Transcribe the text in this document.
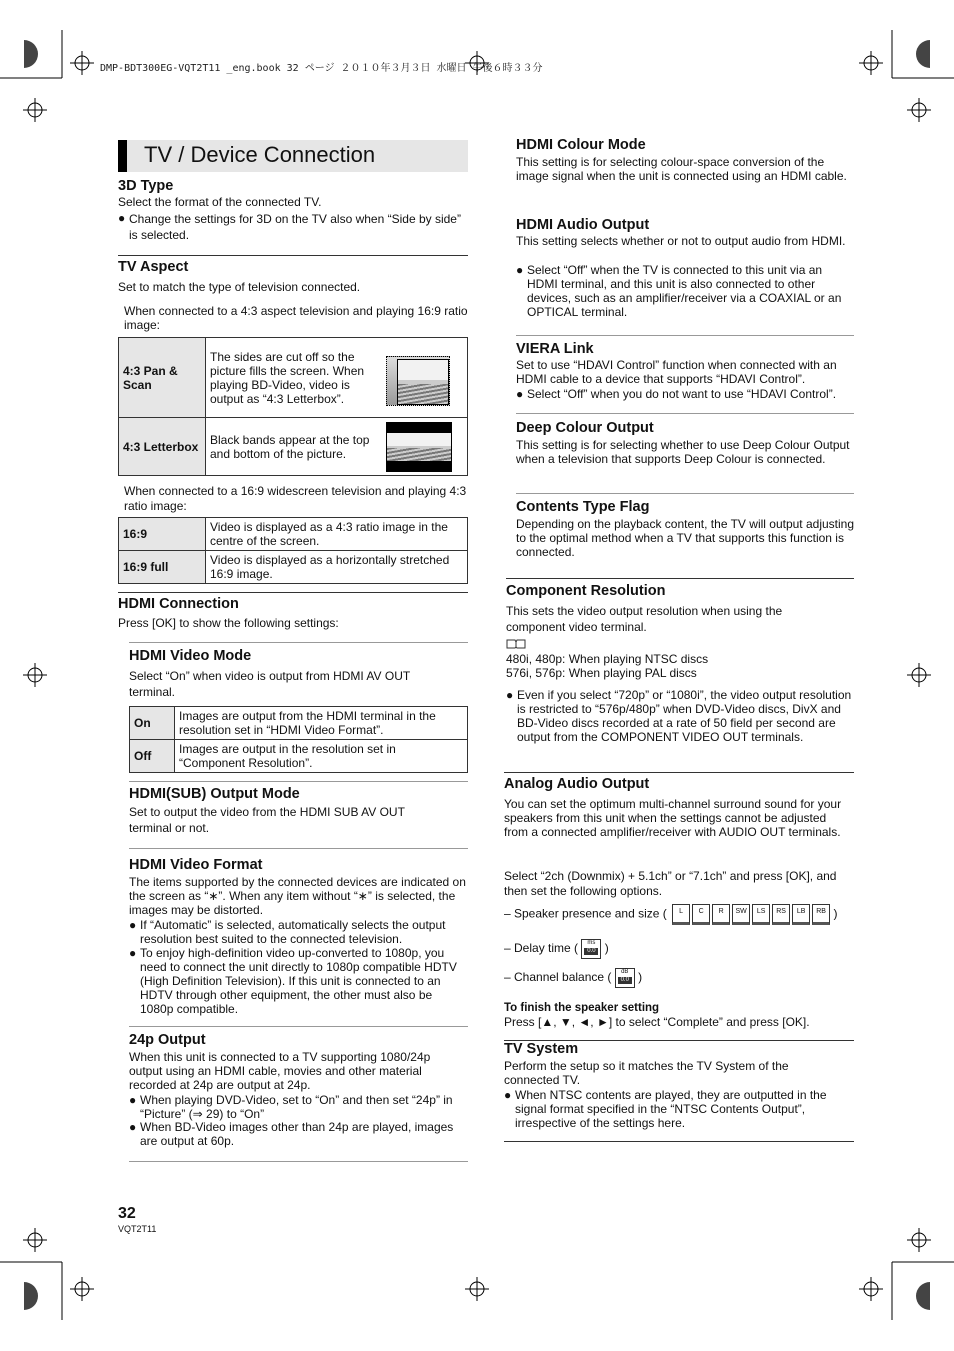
DMP-BDT300EG-VQT2T11 _eng.book 32 ページ ２０１０年３月３日 水曜日 午後６時３３分
TV / Device Connection
3D Type
Select the format of the connected TV.
● Change the settings for 3D on the TV also when “Side by side” is selected.
TV Aspect
Set to match the type of television connected.
When connected to a 4:3 aspect television and playing 16:9 ratio image:
4:3 Pan & Scan	The sides are cut off so the picture fills the screen. When playing BD-Video, video is output as “4:3 Letterbox”.

4:3 Letterbox	Black bands appear at the top and bottom of the picture.
When connected to a 16:9 widescreen television and playing 4:3 ratio image:
16:9	Video is displayed as a 4:3 ratio image in the centre of the screen.
16:9 full	Video is displayed as a horizontally stretched 16:9 image.
HDMI Connection
Press [OK] to show the following settings:
HDMI Video Mode
Select “On” when video is output from HDMI AV OUT terminal.
On	Images are output from the HDMI terminal in the resolution set in “HDMI Video Format”.
Off	Images are output in the resolution set in “Component Resolution”.
HDMI(SUB) Output Mode
Set to output the video from the HDMI SUB AV OUT terminal or not.
HDMI Video Format
The items supported by the connected devices are indicated on the screen as “∗”. When any item without “∗” is selected, the images may be distorted.
● If “Automatic” is selected, automatically selects the output resolution best suited to the connected television.
● To enjoy high-definition video up-converted to 1080p, you need to connect the unit directly to 1080p compatible HDTV (High Definition Television). If this unit is connected to an HDTV through other equipment, the other must also be 1080p compatible.
24p Output
When this unit is connected to a TV supporting 1080/24p output using an HDMI cable, movies and other material recorded at 24p are output at 24p.
● When playing DVD-Video, set to “On” and then set “24p” in “Picture” (⇒ 29) to “On”
● When BD-Video images other than 24p are played, images are output at 60p.
HDMI Colour Mode
This setting is for selecting colour-space conversion of the image signal when the unit is connected using an HDMI cable.
HDMI Audio Output
This setting selects whether or not to output audio from HDMI.
● Select “Off” when the TV is connected to this unit via an HDMI terminal, and this unit is also connected to other devices, such as an amplifier/receiver via a COAXIAL or an OPTICAL terminal.
VIERA Link
Set to use “HDAVI Control” function when connected with an HDMI cable to a device that supports “HDAVI Control”.
● Select “Off” when you do not want to use “HDAVI Control”.
Deep Colour Output
This setting is for selecting whether to use Deep Colour Output when a television that supports Deep Colour is connected.
Contents Type Flag
Depending on the playback content, the TV will output adjusting to the optimal method when a TV that supports this function is connected.
Component Resolution
This sets the video output resolution when using the component video terminal.
480i, 480p: When playing NTSC discs
576i, 576p: When playing PAL discs
● Even if you select “720p” or “1080i”, the video output resolution is restricted to “576p/480p” when DVD-Video discs, DivX and BD-Video discs recorded at a rate of 50 field per second are output from the COMPONENT VIDEO OUT terminals.
Analog Audio Output
You can set the optimum multi-channel surround sound for your speakers from this unit when the settings cannot be adjusted from a connected amplifier/receiver with AUDIO OUT terminals.
Select “2ch (Downmix) + 5.1ch” or “7.1ch” and press [OK], and then set the following options.
– Speaker presence and size ( L C R SW LS RS LB RB )
– Delay time (	ms
0.0 )
– Channel balance (	dB
0.0 )
To finish the speaker setting
Press [▲, ▼, ◄, ►] to select “Complete” and press [OK].
TV System
Perform the setup so it matches the TV System of the connected TV.
● When NTSC contents are played, they are outputted in the signal format specified in the “NTSC Contents Output”, irrespective of the settings here.
32
VQT2T11
